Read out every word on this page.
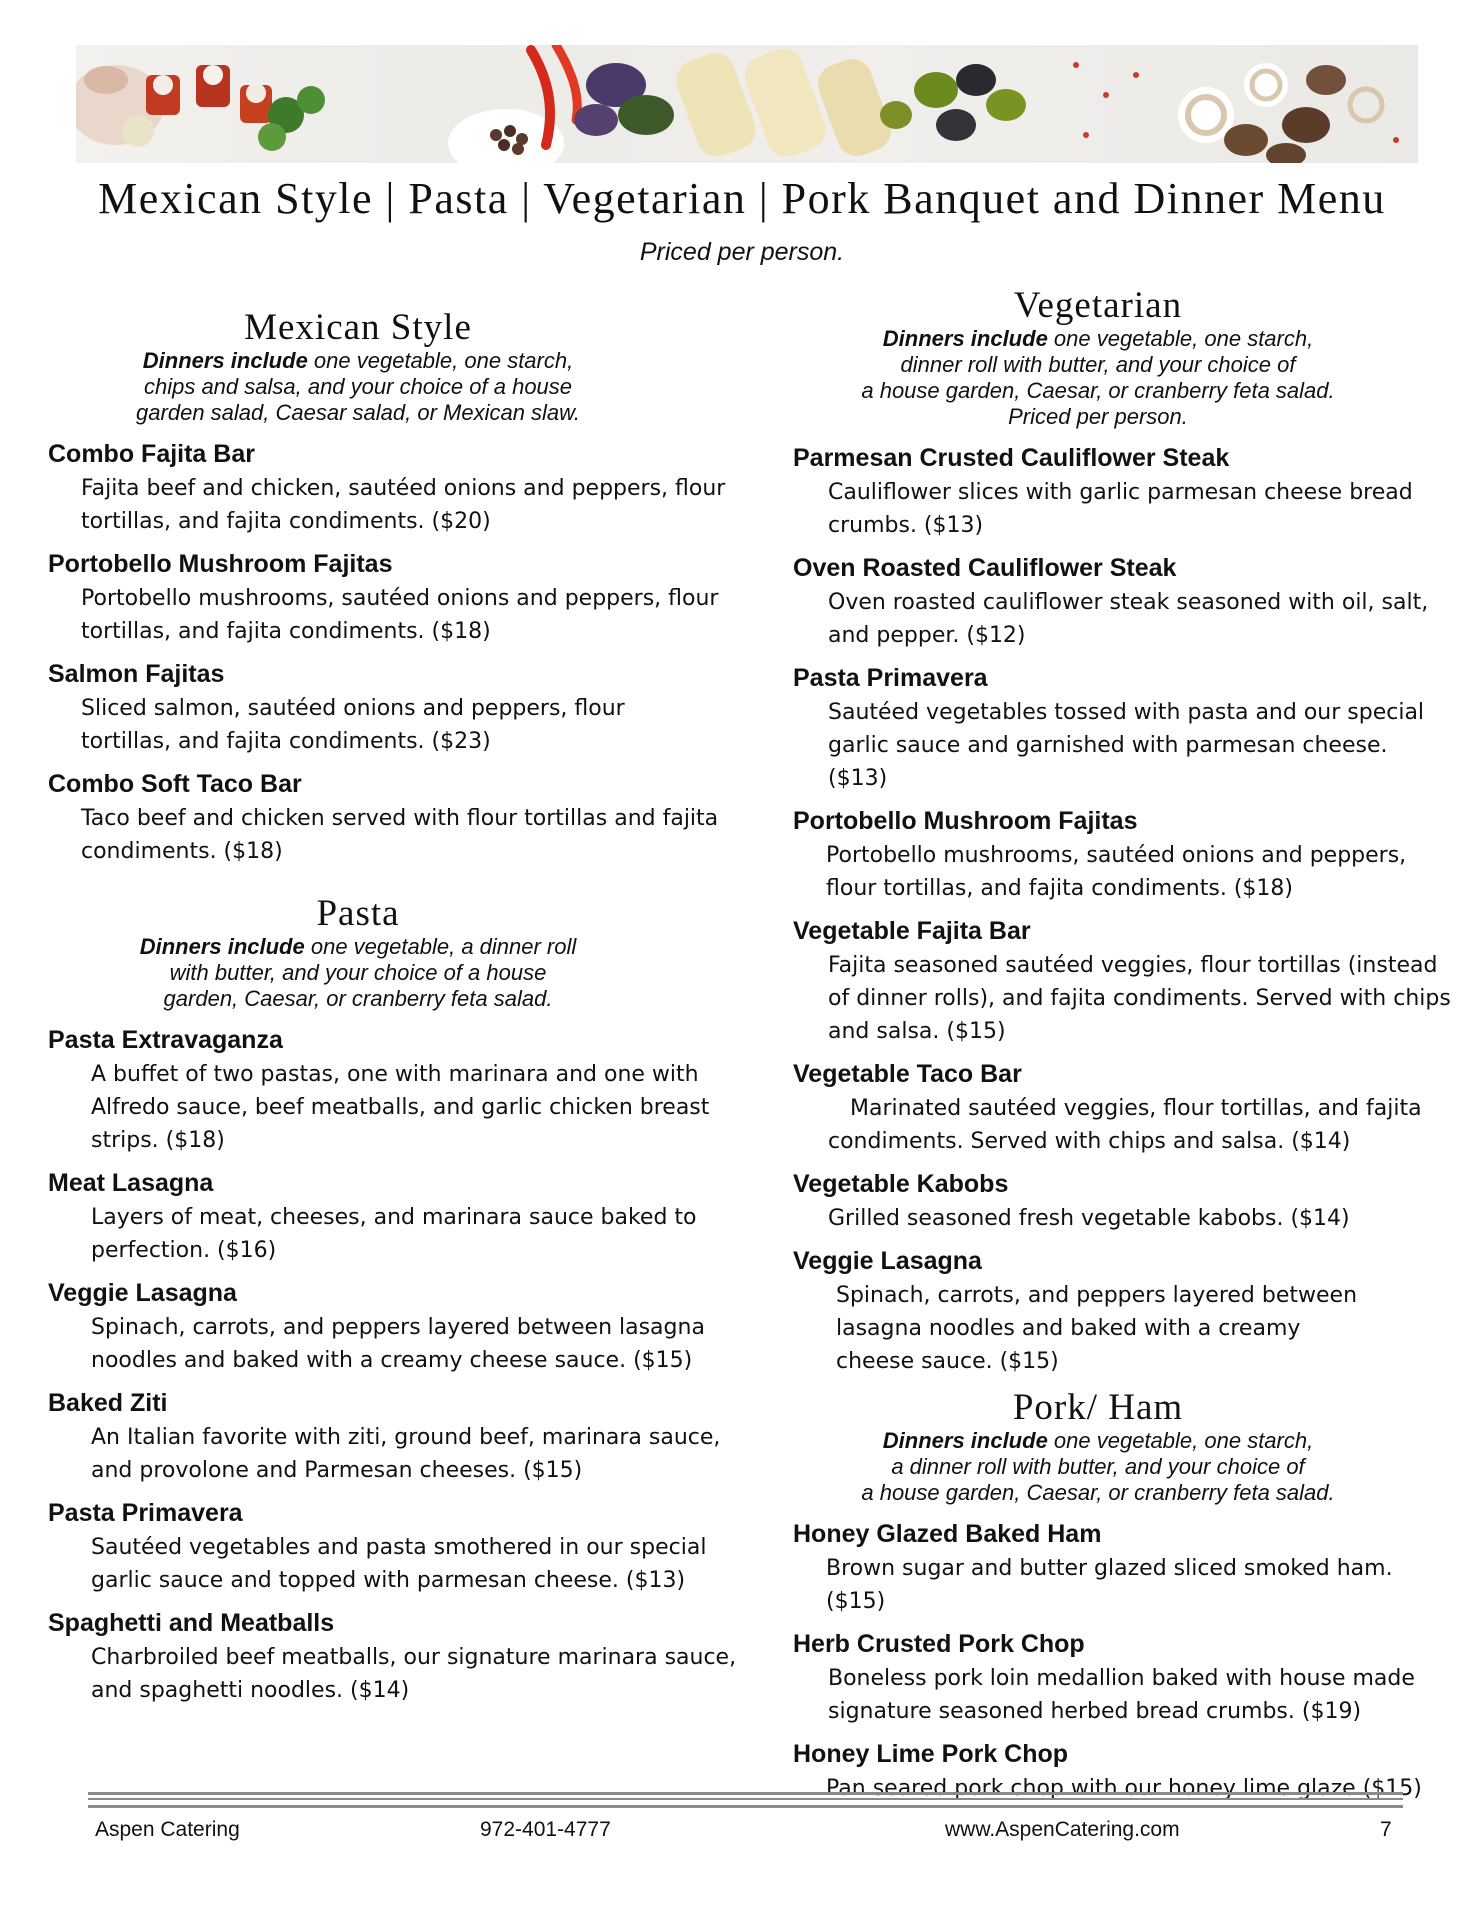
Mexican Style | Pasta | Vegetarian | Pork Banquet and Dinner Menu

Priced per person.

Mexican Style

Dinners include one vegetable, one starch,
chips and salsa, and your choice of a house
garden salad, Caesar salad, or Mexican slaw.

Combo Fajita Bar

Fajita beef and chicken, sautéed onions and peppers, flour tortillas, and fajita condiments. ($20)

Portobello Mushroom Fajitas

Portobello mushrooms, sautéed onions and peppers, flour tortillas, and fajita condiments. ($18)

Salmon Fajitas

Sliced salmon, sautéed onions and peppers, flour tortillas, and fajita condiments. ($23)

Combo Soft Taco Bar

Taco beef and chicken served with flour tortillas and fajita condiments. ($18)

Pasta

Dinners include one vegetable, a dinner roll
with butter, and your choice of a house
garden, Caesar, or cranberry feta salad.

Pasta Extravaganza

A buffet of two pastas, one with marinara and one with Alfredo sauce, beef meatballs, and garlic chicken breast strips. ($18)

Meat Lasagna

Layers of meat, cheeses, and marinara sauce baked to perfection. ($16)

Veggie Lasagna

Spinach, carrots, and peppers layered between lasagna noodles and baked with a creamy cheese sauce. ($15)

Baked Ziti

An Italian favorite with ziti, ground beef, marinara sauce, and provolone and Parmesan cheeses. ($15)

Pasta Primavera

Sautéed vegetables and pasta smothered in our special garlic sauce and topped with parmesan cheese. ($13)

Spaghetti and Meatballs

Charbroiled beef meatballs, our signature marinara sauce, and spaghetti noodles. ($14)

Vegetarian

Dinners include one vegetable, one starch,
dinner roll with butter, and your choice of
a house garden, Caesar, or cranberry feta salad.
Priced per person.

Parmesan Crusted Cauliflower Steak

Cauliflower slices with garlic parmesan cheese bread crumbs. ($13)

Oven Roasted Cauliflower Steak

Oven roasted cauliflower steak seasoned with oil, salt, and pepper. ($12)

Pasta Primavera

Sautéed vegetables tossed with pasta and our special garlic sauce and garnished with parmesan cheese. ($13)

Portobello Mushroom Fajitas

Portobello mushrooms, sautéed onions and peppers, flour tortillas, and fajita condiments. ($18)

Vegetable Fajita Bar

Fajita seasoned sautéed veggies, flour tortillas (instead of dinner rolls), and fajita condiments. Served with chips and salsa. ($15)

Vegetable Taco Bar

Marinated sautéed veggies, flour tortillas, and fajita condiments. Served with chips and salsa. ($14)

Vegetable Kabobs

Grilled seasoned fresh vegetable kabobs. ($14)

Veggie Lasagna

Spinach, carrots, and peppers layered between lasagna noodles and baked with a creamy cheese sauce. ($15)

Pork/ Ham

Dinners include one vegetable, one starch,
a dinner roll with butter, and your choice of
a house garden, Caesar, or cranberry feta salad.

Honey Glazed Baked Ham

Brown sugar and butter glazed sliced smoked ham. ($15)

Herb Crusted Pork Chop

Boneless pork loin medallion baked with house made signature seasoned herbed bread crumbs. ($19)

Honey Lime Pork Chop

Pan seared pork chop with our honey lime glaze ($15)

Aspen Catering	972-401-4777	www.AspenCatering.com	7
